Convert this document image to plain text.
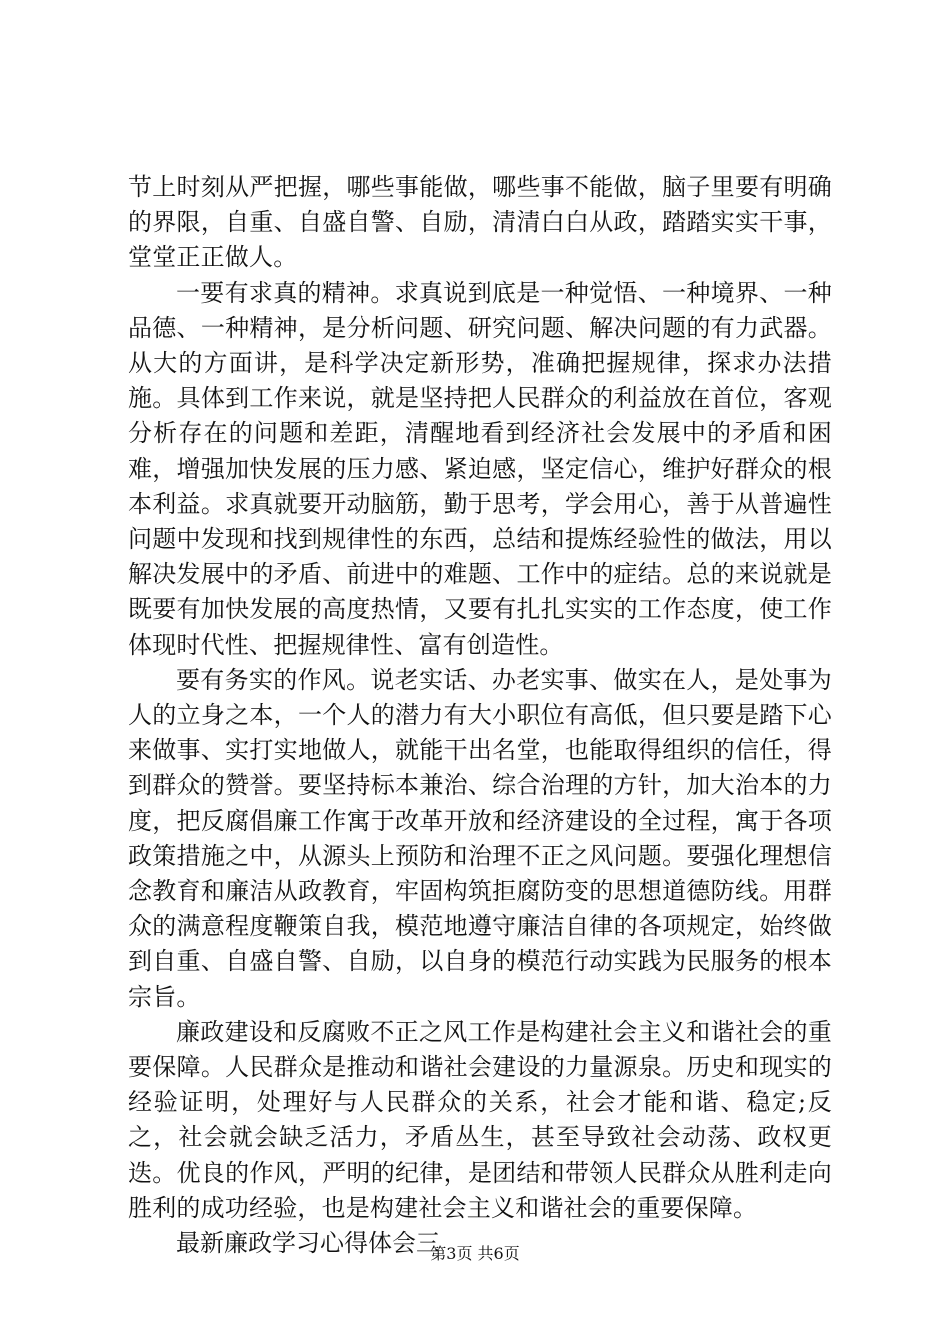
节上时刻从严把握，哪些事能做，哪些事不能做，脑子里要有明确的界限，自重、自盛自警、自励，清清白白从政，踏踏实实干事，堂堂正正做人。

一要有求真的精神。求真说到底是一种觉悟、一种境界、一种品德、一种精神，是分析问题、研究问题、解决问题的有力武器。从大的方面讲，是科学决定新形势，准确把握规律，探求办法措施。具体到工作来说，就是坚持把人民群众的利益放在首位，客观分析存在的问题和差距，清醒地看到经济社会发展中的矛盾和困难，增强加快发展的压力感、紧迫感，坚定信心，维护好群众的根本利益。求真就要开动脑筋，勤于思考，学会用心，善于从普遍性问题中发现和找到规律性的东西，总结和提炼经验性的做法，用以解决发展中的矛盾、前进中的难题、工作中的症结。总的来说就是既要有加快发展的高度热情，又要有扎扎实实的工作态度，使工作体现时代性、把握规律性、富有创造性。

要有务实的作风。说老实话、办老实事、做实在人，是处事为人的立身之本，一个人的潜力有大小职位有高低，但只要是踏下心来做事、实打实地做人，就能干出名堂，也能取得组织的信任，得到群众的赞誉。要坚持标本兼治、综合治理的方针，加大治本的力度，把反腐倡廉工作寓于改革开放和经济建设的全过程，寓于各项政策措施之中，从源头上预防和治理不正之风问题。要强化理想信念教育和廉洁从政教育，牢固构筑拒腐防变的思想道德防线。用群众的满意程度鞭策自我，模范地遵守廉洁自律的各项规定，始终做到自重、自盛自警、自励，以自身的模范行动实践为民服务的根本宗旨。

廉政建设和反腐败不正之风工作是构建社会主义和谐社会的重要保障。人民群众是推动和谐社会建设的力量源泉。历史和现实的经验证明，处理好与人民群众的关系，社会才能和谐、稳定;反之，社会就会缺乏活力，矛盾丛生，甚至导致社会动荡、政权更迭。优良的作风，严明的纪律，是团结和带领人民群众从胜利走向胜利的成功经验，也是构建社会主义和谐社会的重要保障。

最新廉政学习心得体会三

第3页 共6页
